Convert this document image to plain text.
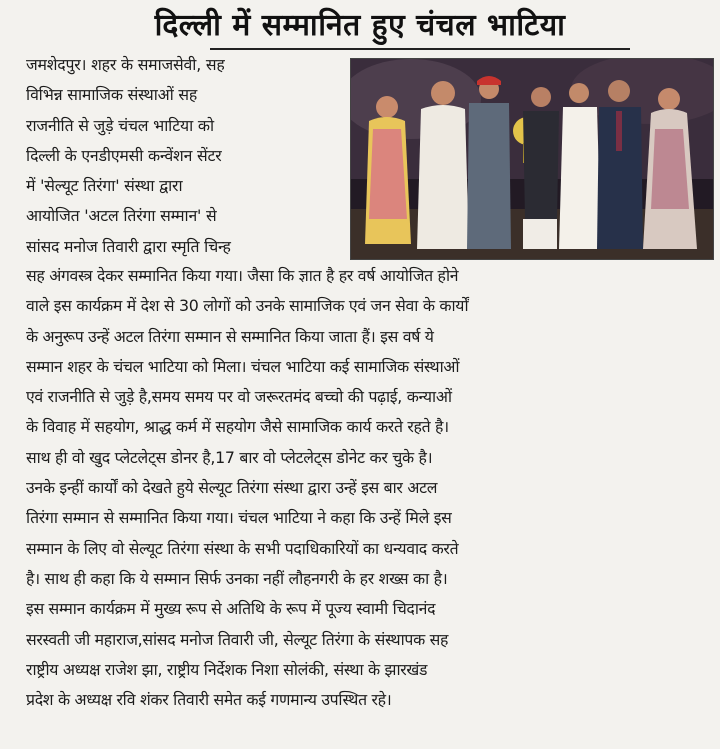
दिल्ली में सम्मानित हुए चंचल भाटिया
जमशेदपुर। शहर के समाजसेवी, सह
विभिन्न सामाजिक संस्थाओं सह
राजनीति से जुड़े चंचल भाटिया को
दिल्ली के एनडीएमसी कन्वेंशन सेंटर
में 'सेल्यूट तिरंगा' संस्था द्वारा
आयोजित 'अटल तिरंगा सम्मान' से
सांसद मनोज तिवारी द्वारा स्मृति चिन्ह
सह अंगवस्त्र देकर सम्मानित किया गया। जैसा कि ज्ञात है हर वर्ष आयोजित होने
वाले इस कार्यक्रम में देश से 30 लोगों को उनके सामाजिक एवं जन सेवा के कार्यों
के अनुरूप उन्हें अटल तिरंगा सम्मान से सम्मानित किया जाता हैं। इस वर्ष ये
सम्मान शहर के चंचल भाटिया को मिला। चंचल भाटिया कई सामाजिक संस्थाओं
एवं राजनीति से जुड़े है,समय समय पर वो जरूरतमंद बच्चो की पढ़ाई, कन्याओं
के विवाह में सहयोग, श्राद्ध कर्म में सहयोग जैसे सामाजिक कार्य करते रहते है।
साथ ही वो खुद प्लेटलेट्स डोनर है,17 बार वो प्लेटलेट्स डोनेट कर चुके है।
उनके इन्हीं कार्यों को देखते हुये सेल्यूट तिरंगा संस्था द्वारा उन्हें इस बार अटल
तिरंगा सम्मान से सम्मानित किया गया। चंचल भाटिया ने कहा कि उन्हें मिले इस
सम्मान के लिए वो सेल्यूट तिरंगा संस्था के सभी पदाधिकारियों का धन्यवाद करते
है। साथ ही कहा कि ये सम्मान सिर्फ उनका नहीं लौहनगरी के हर शख्स का है।
इस सम्मान कार्यक्रम में मुख्य रूप से अतिथि के रूप में पूज्य स्वामी चिदानंद
सरस्वती जी महाराज,सांसद मनोज तिवारी जी, सेल्यूट तिरंगा के संस्थापक सह
राष्ट्रीय अध्यक्ष राजेश झा, राष्ट्रीय निर्देशक निशा सोलंकी, संस्था के झारखंड
प्रदेश के अध्यक्ष रवि शंकर तिवारी समेत कई गणमान्य उपस्थित रहे।
